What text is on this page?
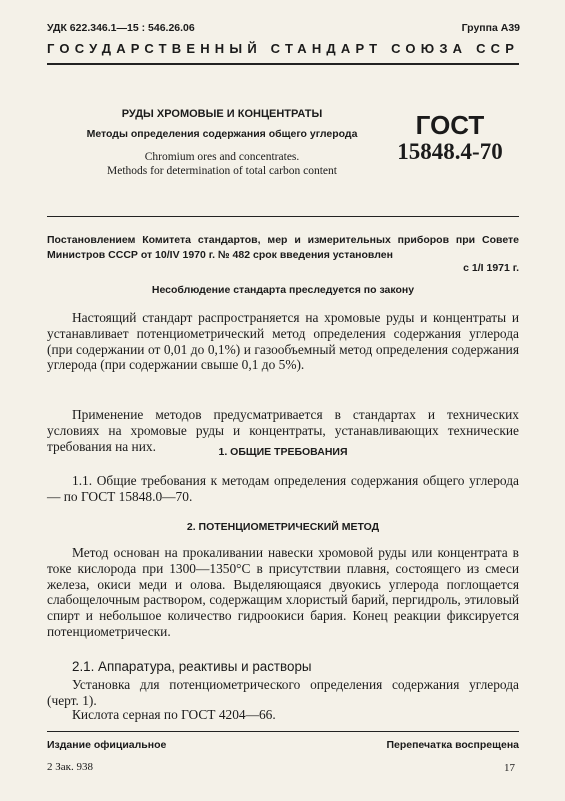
УДК 622.346.1—15 : 546.26.06	Группа А39
ГОСУДАРСТВЕННЫЙ СТАНДАРТ СОЮЗА ССР
РУДЫ ХРОМОВЫЕ И КОНЦЕНТРАТЫ
Методы определения содержания общего углерода
Chromium ores and concentrates.
Methods for determination of total carbon content
ГОСТ
15848.4-70
Постановлением Комитета стандартов, мер и измерительных приборов при Совете Министров СССР от 10/IV 1970 г. № 482 срок введения установлен
с 1/I 1971 г.
Несоблюдение стандарта преследуется по закону
Настоящий стандарт распространяется на хромовые руды и концентраты и устанавливает потенциометрический метод определения содержания углерода (при содержании от 0,01 до 0,1%) и газообъемный метод определения содержания углерода (при содержании свыше 0,1 до 5%).
Применение методов предусматривается в стандартах и технических условиях на хромовые руды и концентраты, устанавливающих технические требования на них.	1. ОБЩИЕ ТРЕБОВАНИЯ
1.1. Общие требования к методам определения содержания общего углерода — по ГОСТ 15848.0—70.
2. ПОТЕНЦИОМЕТРИЧЕСКИЙ МЕТОД
Метод основан на прокаливании навески хромовой руды или концентрата в токе кислорода при 1300—1350°С в присутствии плавня, состоящего из смеси железа, окиси меди и олова. Выделяющаяся двуокись углерода поглощается слабощелочным раствором, содержащим хлористый барий, пергидроль, этиловый спирт и небольшое количество гидроокиси бария. Конец реакции фиксируется потенциометрически.
2.1. Аппаратура, реактивы и растворы
Установка для потенциометрического определения содержания углерода (черт. 1).
Кислота серная по ГОСТ 4204—66.
Издание официальное	Перепечатка воспрещена
2 Зак. 938	17
